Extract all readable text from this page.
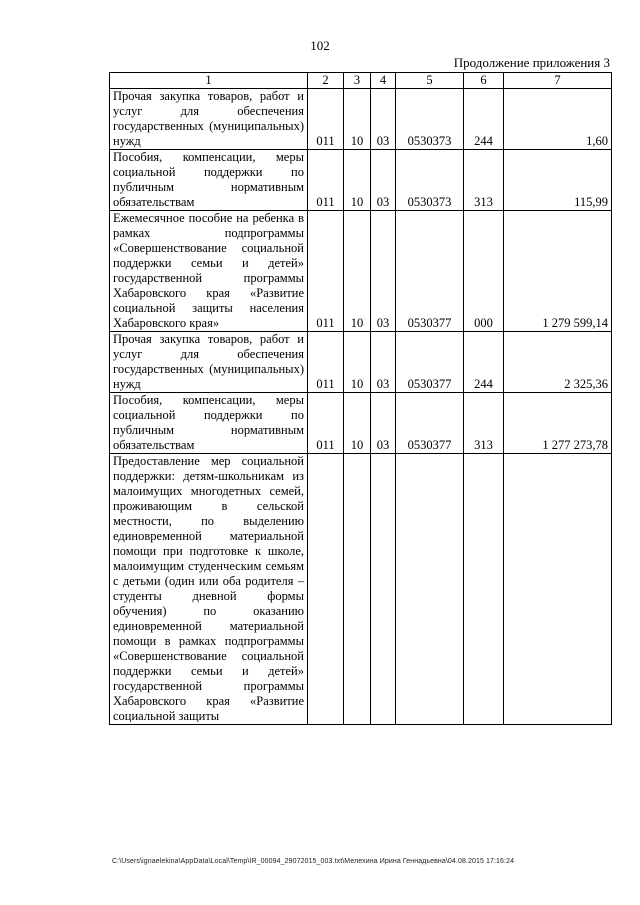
102
Продолжение приложения 3
1	2	3	4	5	6	7

Прочая закупка товаров, работ и услуг для обеспечения государственных (муниципальных) нужд	011	10	03	0530373	244	1,60

Пособия, компенсации, меры социальной поддержки по публичным нормативным обязательствам	011	10	03	0530373	313	115,99

Ежемесячное пособие на ребенка в рамках подпрограммы «Совершенствование социальной поддержки семьи и детей» государственной программы Хабаровского края «Развитие социальной защиты населения Хабаровского края»	011	10	03	0530377	000	1 279 599,14

Прочая закупка товаров, работ и услуг для обеспечения государственных (муниципальных) нужд	011	10	03	0530377	244	2 325,36

Пособия, компенсации, меры социальной поддержки по публичным нормативным обязательствам	011	10	03	0530377	313	1 277 273,78

Предоставление мер социальной поддержки: детям-школьникам из малоимущих многодетных семей, проживающим в сельской местности, по выделению единовременной материальной помощи при подготовке к школе, малоимущим студенческим семьям с детьми (один или оба родителя – студенты дневной формы обучения) по оказанию единовременной материальной помощи в рамках подпрограммы «Совершенствование социальной поддержки семьи и детей» государственной программы Хабаровского края «Развитие социальной защиты						

C:\Users\ignaelekina\AppData\Local\Temp\IR_00094_29072015_003.txt\Мелехина Ирина Геннадьевна\04.08.2015 17:16:24
